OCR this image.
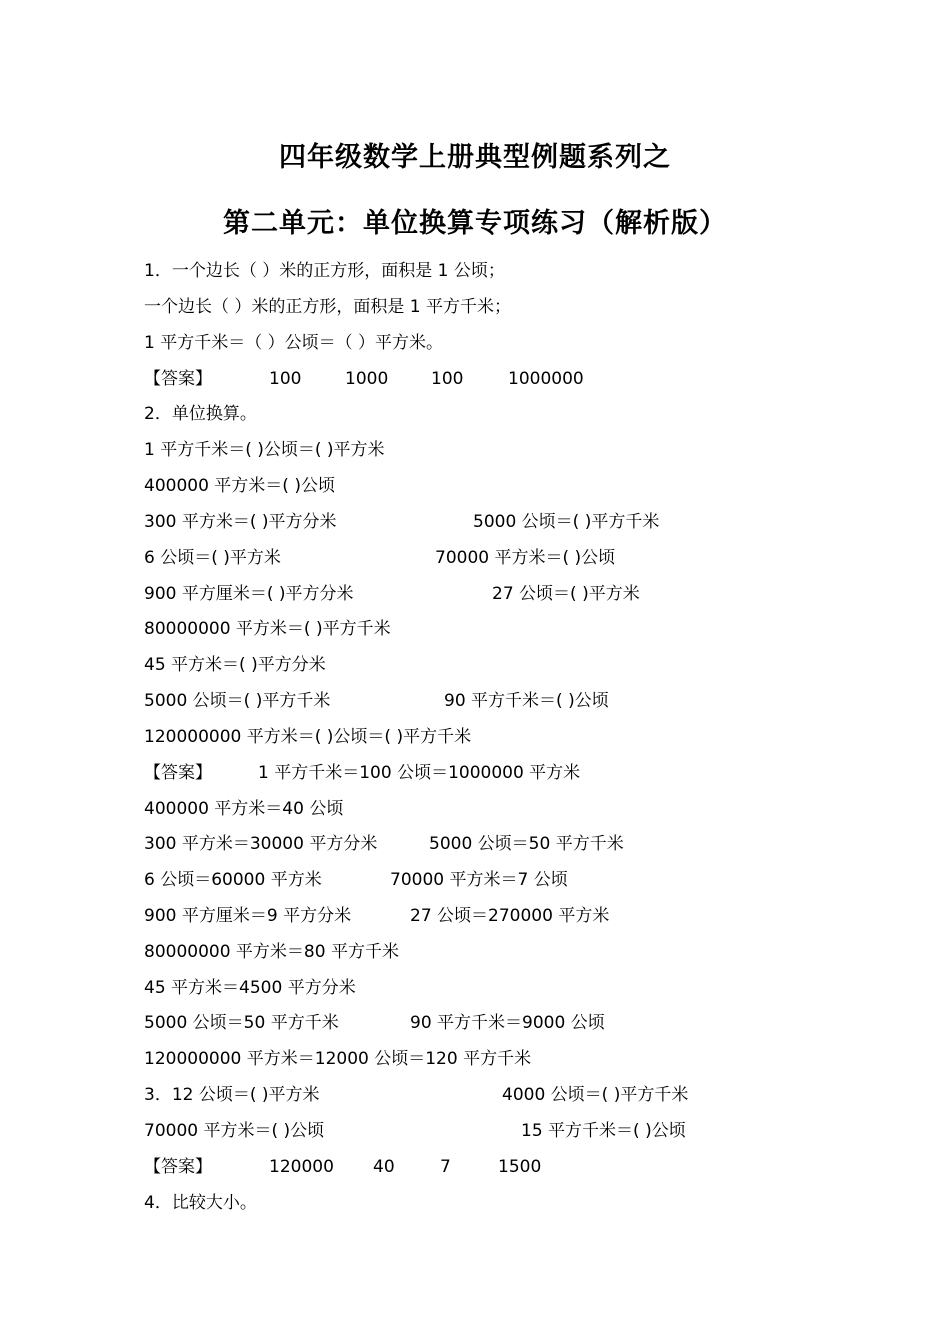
四年级数学上册典型例题系列之
第二单元：单位换算专项练习（解析版）
1．一个边长（ ）米的正方形，面积是 1 公顷；
一个边长（ ）米的正方形，面积是 1 平方千米；
1 平方千米＝（ ）公顷＝（ ）平方米。
【答案】	100	1000	100	1000000
2．单位换算。
1 平方千米＝( )公顷＝( )平方米
400000 平方米＝( )公顷
300 平方米＝( )平方分米	5000 公顷＝( )平方千米
6 公顷＝( )平方米	70000 平方米＝( )公顷
900 平方厘米＝( )平方分米	27 公顷＝( )平方米
80000000 平方米＝( )平方千米
45 平方米＝( )平方分米
5000 公顷＝( )平方千米	90 平方千米＝( )公顷
120000000 平方米＝( )公顷＝( )平方千米
【答案】	1 平方千米＝100 公顷＝1000000 平方米
400000 平方米＝40 公顷
300 平方米＝30000 平方分米	5000 公顷＝50 平方千米
6 公顷＝60000 平方米	70000 平方米＝7 公顷
900 平方厘米＝9 平方分米	27 公顷＝270000 平方米
80000000 平方米＝80 平方千米
45 平方米＝4500 平方分米
5000 公顷＝50 平方千米	90 平方千米＝9000 公顷
120000000 平方米＝12000 公顷＝120 平方千米
3．12 公顷＝( )平方米	4000 公顷＝( )平方千米
70000 平方米＝( )公顷	15 平方千米＝( )公顷
【答案】	120000 40	7	1500
4．比较大小。
